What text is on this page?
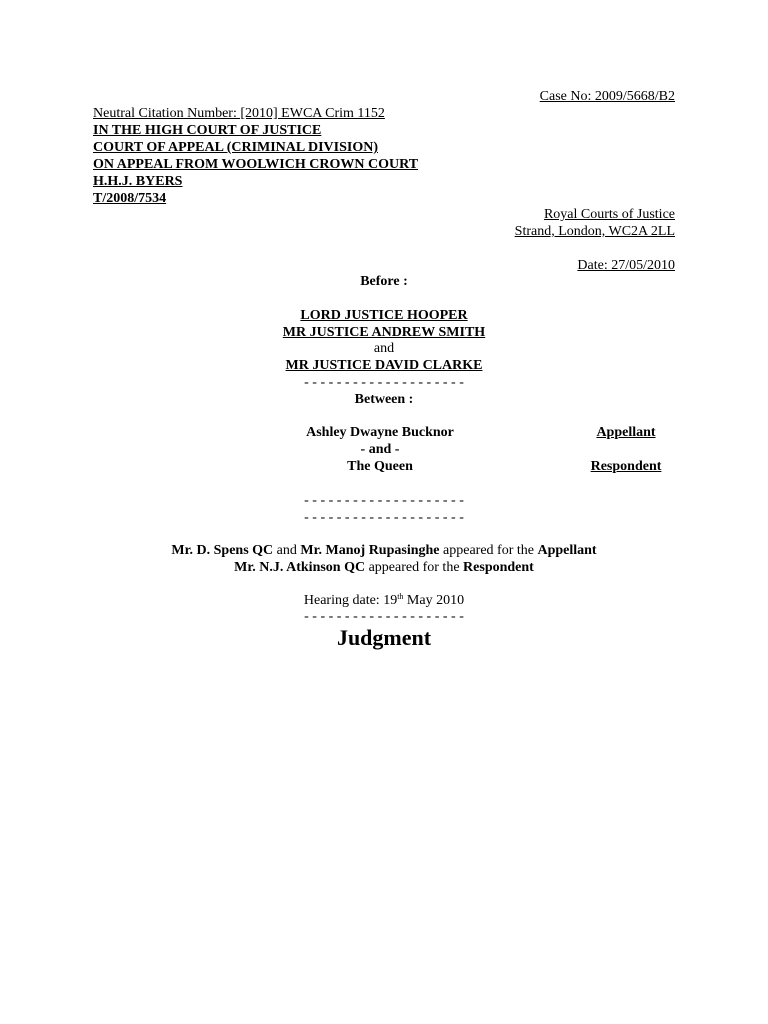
Case No: 2009/5668/B2
Neutral Citation Number: [2010] EWCA Crim 1152
IN THE HIGH COURT OF JUSTICE
COURT OF APPEAL (CRIMINAL DIVISION)
ON APPEAL FROM WOOLWICH CROWN COURT
H.H.J. BYERS
T/2008/7534
Royal Courts of Justice
Strand, London, WC2A 2LL
Date: 27/05/2010
Before :
LORD JUSTICE HOOPER
MR JUSTICE ANDREW SMITH
and
MR JUSTICE DAVID CLARKE
- - - - - - - - - - - - - - - - - - - -
Between :
Ashley Dwayne Bucknor	Appellant
- and -
The Queen	Respondent
- - - - - - - - - - - - - - - - - - - -
- - - - - - - - - - - - - - - - - - - -
Mr. D. Spens QC and Mr. Manoj Rupasinghe appeared for the Appellant
Mr. N.J. Atkinson QC appeared for the Respondent
Hearing date: 19th May 2010
- - - - - - - - - - - - - - - - - - - -
Judgment
